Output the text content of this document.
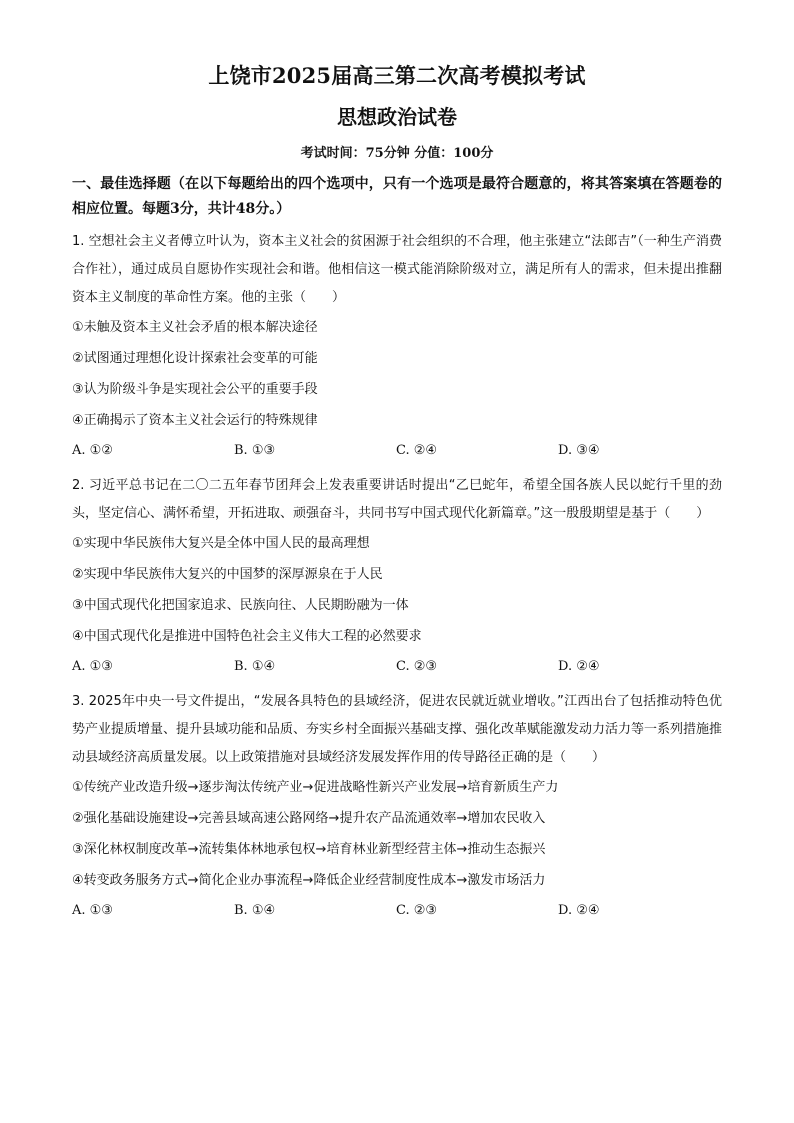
上饶市2025届高三第二次高考模拟考试
思想政治试卷
考试时间：75分钟 分值：100分
一、最佳选择题（在以下每题给出的四个选项中，只有一个选项是最符合题意的，将其答案填在答题卷的相应位置。每题3分，共计48分。）

1. 空想社会主义者傅立叶认为，资本主义社会的贫困源于社会组织的不合理，他主张建立“法郎吉”（一种生产消费合作社），通过成员自愿协作实现社会和谐。他相信这一模式能消除阶级对立，满足所有人的需求，但未提出推翻资本主义制度的革命性方案。他的主张（　　）

①未触及资本主义社会矛盾的根本解决途径

②试图通过理想化设计探索社会变革的可能

③认为阶级斗争是实现社会公平的重要手段

④正确揭示了资本主义社会运行的特殊规律

A. ①②	B. ①③	C. ②④	D. ③④

2. 习近平总书记在二〇二五年春节团拜会上发表重要讲话时提出“乙巳蛇年，希望全国各族人民以蛇行千里的劲头，坚定信心、满怀希望，开拓进取、顽强奋斗，共同书写中国式现代化新篇章。”这一殷殷期望是基于（　　）

①实现中华民族伟大复兴是全体中国人民的最高理想

②实现中华民族伟大复兴的中国梦的深厚源泉在于人民

③中国式现代化把国家追求、民族向往、人民期盼融为一体

④中国式现代化是推进中国特色社会主义伟大工程的必然要求

A. ①③	B. ①④	C. ②③	D. ②④

3. 2025年中央一号文件提出，“发展各具特色的县域经济，促进农民就近就业增收。”江西出台了包括推动特色优势产业提质增量、提升县域功能和品质、夯实乡村全面振兴基础支撑、强化改革赋能激发动力活力等一系列措施推动县域经济高质量发展。以上政策措施对县域经济发展发挥作用的传导路径正确的是（　　）

①传统产业改造升级→逐步淘汰传统产业→促进战略性新兴产业发展→培育新质生产力

②强化基础设施建设→完善县域高速公路网络→提升农产品流通效率→增加农民收入

③深化林权制度改革→流转集体林地承包权→培育林业新型经营主体→推动生态振兴

④转变政务服务方式→简化企业办事流程→降低企业经营制度性成本→激发市场活力

A. ①③	B. ①④	C. ②③	D. ②④
